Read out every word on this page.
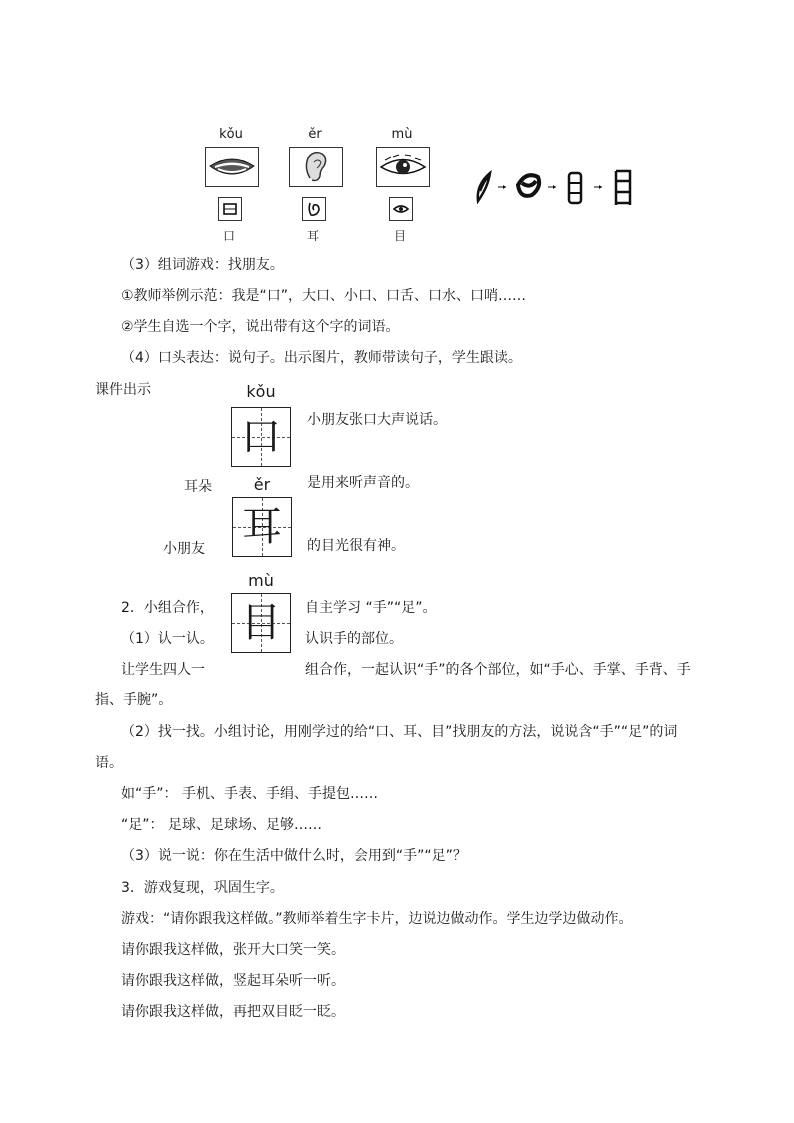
kǒu	ěr	mù
口	耳	目
（3）组词游戏：找朋友。
①教师举例示范：我是“口”，大口、小口、口舌、口水、口哨……
②学生自选一个字，说出带有这个字的词语。
（4）口头表达：说句子。出示图片，教师带读句子，学生跟读。
课件出示	kǒu
口	小朋友张口大声说话。
耳朵	ěr
耳
是用来听声音的。
小朋友	的目光很有神。
mù
目
2．小组合作，	自主学习 “手”“足”。
（1）认一认。	认识手的部位。
让学生四人一	组合作，一起认识“手”的各个部位，如“手心、手掌、手背、手
指、手腕”。
（2）找一找。小组讨论，用刚学过的给“口、耳、目”找朋友的方法，说说含“手”“足”的词
语。
如“手”： 手机、手表、手绢、手提包……
“足”： 足球、足球场、足够……
（3）说一说：你在生活中做什么时，会用到“手”“足”？
3．游戏复现，巩固生字。
游戏：“请你跟我这样做。”教师举着生字卡片，边说边做动作。学生边学边做动作。
请你跟我这样做，张开大口笑一笑。
请你跟我这样做，竖起耳朵听一听。
请你跟我这样做，再把双目眨一眨。
